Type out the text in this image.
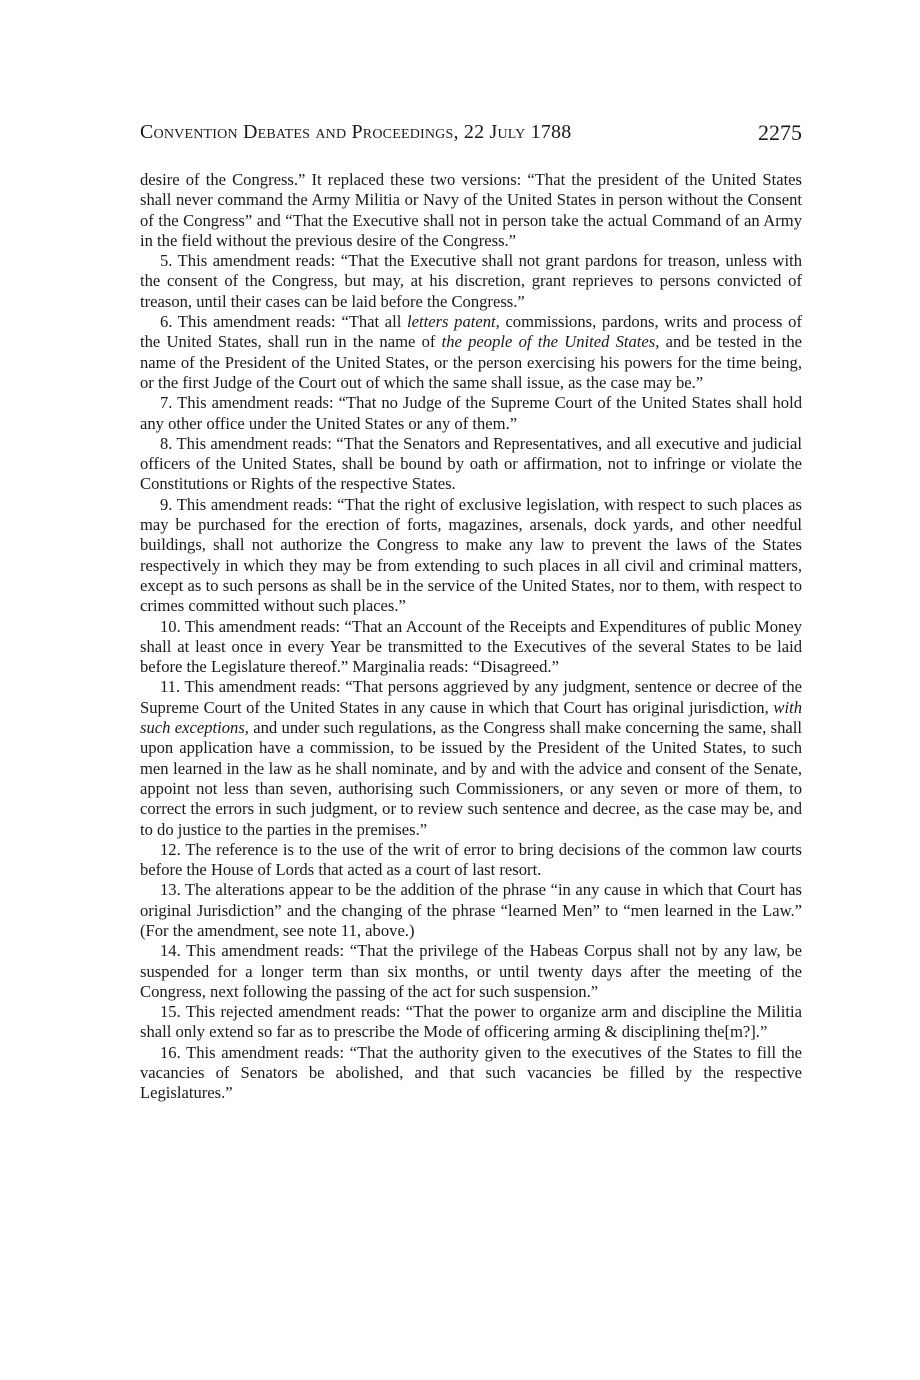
Convention Debates and Proceedings, 22 July 1788	2275

desire of the Congress.” It replaced these two versions: “That the president of the United States shall never command the Army Militia or Navy of the United States in person without the Consent of the Congress” and “That the Executive shall not in person take the actual Command of an Army in the field without the previous desire of the Congress.”

5. This amendment reads: “That the Executive shall not grant pardons for treason, unless with the consent of the Congress, but may, at his discretion, grant reprieves to persons convicted of treason, until their cases can be laid before the Congress.”

6. This amendment reads: “That all letters patent, commissions, pardons, writs and process of the United States, shall run in the name of the people of the United States, and be tested in the name of the President of the United States, or the person exercising his powers for the time being, or the first Judge of the Court out of which the same shall issue, as the case may be.”

7. This amendment reads: “That no Judge of the Supreme Court of the United States shall hold any other office under the United States or any of them.”

8. This amendment reads: “That the Senators and Representatives, and all executive and judicial officers of the United States, shall be bound by oath or affirmation, not to infringe or violate the Constitutions or Rights of the respective States.

9. This amendment reads: “That the right of exclusive legislation, with respect to such places as may be purchased for the erection of forts, magazines, arsenals, dock yards, and other needful buildings, shall not authorize the Congress to make any law to prevent the laws of the States respectively in which they may be from extending to such places in all civil and criminal matters, except as to such persons as shall be in the service of the United States, nor to them, with respect to crimes committed without such places.”

10. This amendment reads: “That an Account of the Receipts and Expenditures of public Money shall at least once in every Year be transmitted to the Executives of the several States to be laid before the Legislature thereof.” Marginalia reads: “Disagreed.”

11. This amendment reads: “That persons aggrieved by any judgment, sentence or decree of the Supreme Court of the United States in any cause in which that Court has original jurisdiction, with such exceptions, and under such regulations, as the Congress shall make concerning the same, shall upon application have a commission, to be issued by the President of the United States, to such men learned in the law as he shall nominate, and by and with the advice and consent of the Senate, appoint not less than seven, authorising such Commissioners, or any seven or more of them, to correct the errors in such judgment, or to review such sentence and decree, as the case may be, and to do justice to the parties in the premises.”

12. The reference is to the use of the writ of error to bring decisions of the common law courts before the House of Lords that acted as a court of last resort.

13. The alterations appear to be the addition of the phrase “in any cause in which that Court has original Jurisdiction” and the changing of the phrase “learned Men” to “men learned in the Law.” (For the amendment, see note 11, above.)

14. This amendment reads: “That the privilege of the Habeas Corpus shall not by any law, be suspended for a longer term than six months, or until twenty days after the meeting of the Congress, next following the passing of the act for such suspension.”

15. This rejected amendment reads: “That the power to organize arm and discipline the Militia shall only extend so far as to prescribe the Mode of officering arming & disciplining the[m?].”

16. This amendment reads: “That the authority given to the executives of the States to fill the vacancies of Senators be abolished, and that such vacancies be filled by the respective Legislatures.”
